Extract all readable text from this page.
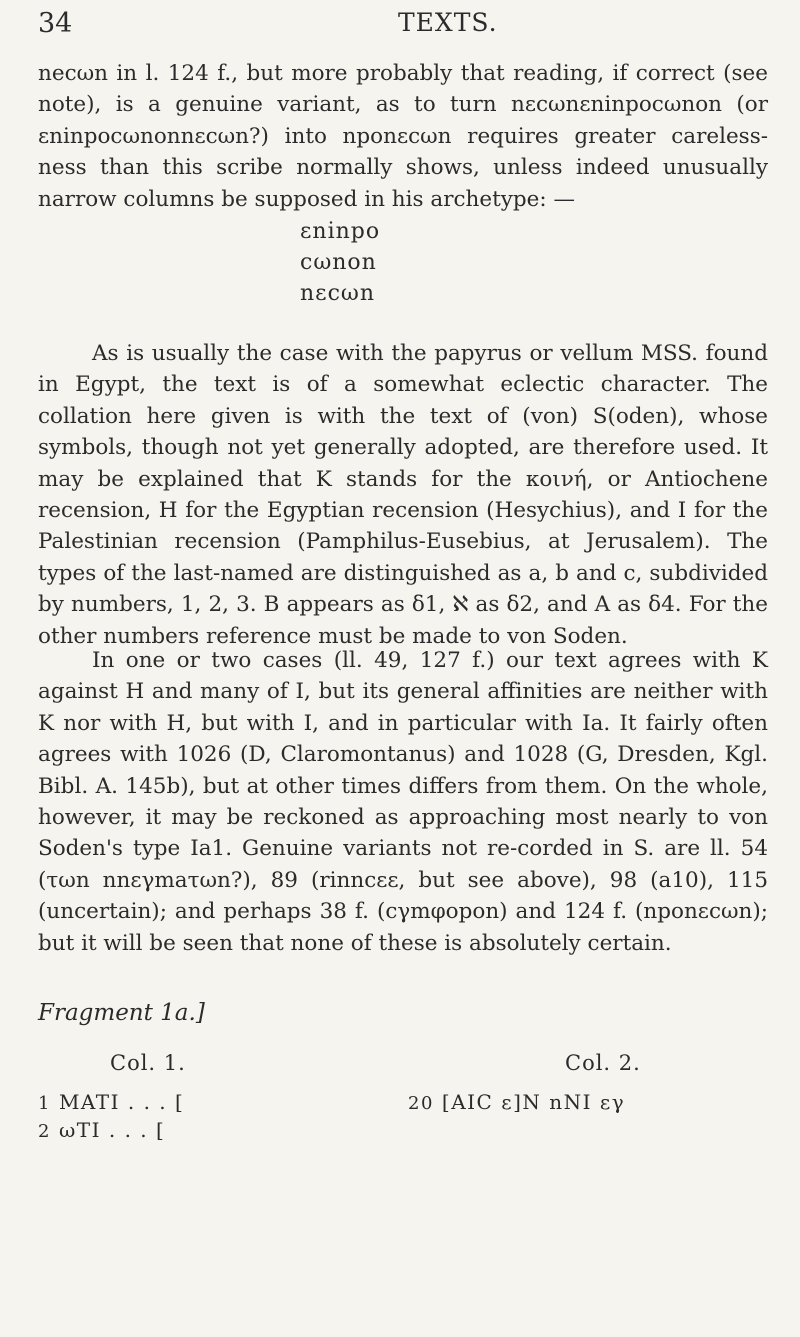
34	TEXTS.

necωn in l. 124 f., but more probably that reading, if correct (see note), is a genuine variant, as to turn nεcωnεninpocωnon (or εninpocωnonnεcωn?) into nponεcωn requires greater careless-ness than this scribe normally shows, unless indeed unusually narrow columns be supposed in his archetype: —

εninpo
cωnon
nεcωn

As is usually the case with the papyrus or vellum MSS. found in Egypt, the text is of a somewhat eclectic character. The collation here given is with the text of (von) S(oden), whose symbols, though not yet generally adopted, are therefore used. It may be explained that K stands for the κοινή, or Antiochene recension, H for the Egyptian recension (Hesychius), and I for the Palestinian recension (Pamphilus-Eusebius, at Jerusalem). The types of the last-named are distinguished as a, b and c, subdivided by numbers, 1, 2, 3. B appears as δ1, ℵ as δ2, and A as δ4. For the other numbers reference must be made to von Soden.

In one or two cases (ll. 49, 127 f.) our text agrees with K against H and many of I, but its general affinities are neither with K nor with H, but with I, and in particular with Ia. It fairly often agrees with 1026 (D, Claromontanus) and 1028 (G, Dresden, Kgl. Bibl. A. 145b), but at other times differs from them. On the whole, however, it may be reckoned as approaching most nearly to von Soden's type Ia1. Genuine variants not re-corded in S. are ll. 54 (τωn nnεγmaτωn?), 89 (rinncεε, but see above), 98 (a10), 115 (uncertain); and perhaps 38 f. (cγmφopon) and 124 f. (nponεcωn); but it will be seen that none of these is absolutely certain.

Fragment 1a.]
Col. 1.	Col. 2.
1 MATI . . . [
2 ωTI . . . [
20 [AIC ε]N nNI εγ
